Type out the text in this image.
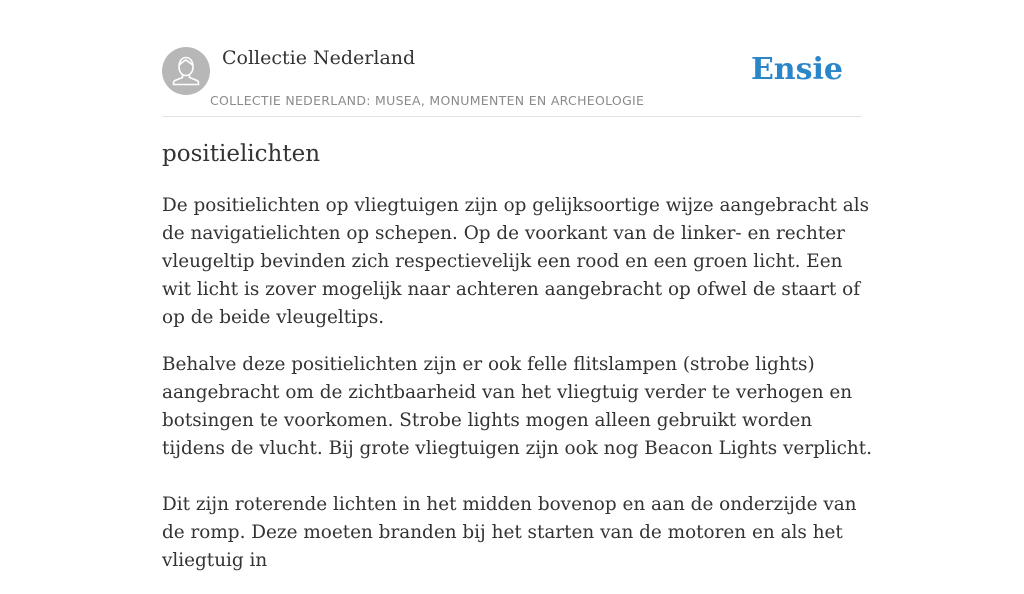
Collectie Nederland
COLLECTIE NEDERLAND: MUSEA, MONUMENTEN EN ARCHEOLOGIE
Ensie
positielichten

De positielichten op vliegtuigen zijn op gelijksoortige wijze aangebracht als de navigatielichten op schepen. Op de voorkant van de linker- en rechter vleugeltip bevinden zich respectievelijk een rood en een groen licht. Een wit licht is zover mogelijk naar achteren aangebracht op ofwel de staart of op de beide vleugeltips.

Behalve deze positielichten zijn er ook felle flitslampen (strobe lights) aangebracht om de zichtbaarheid van het vliegtuig verder te verhogen en botsingen te voorkomen. Strobe lights mogen alleen gebruikt worden tijdens de vlucht. Bij grote vliegtuigen zijn ook nog Beacon Lights verplicht.

Dit zijn roterende lichten in het midden bovenop en aan de onderzijde van de romp. Deze moeten branden bij het starten van de motoren en als het vliegtuig in
